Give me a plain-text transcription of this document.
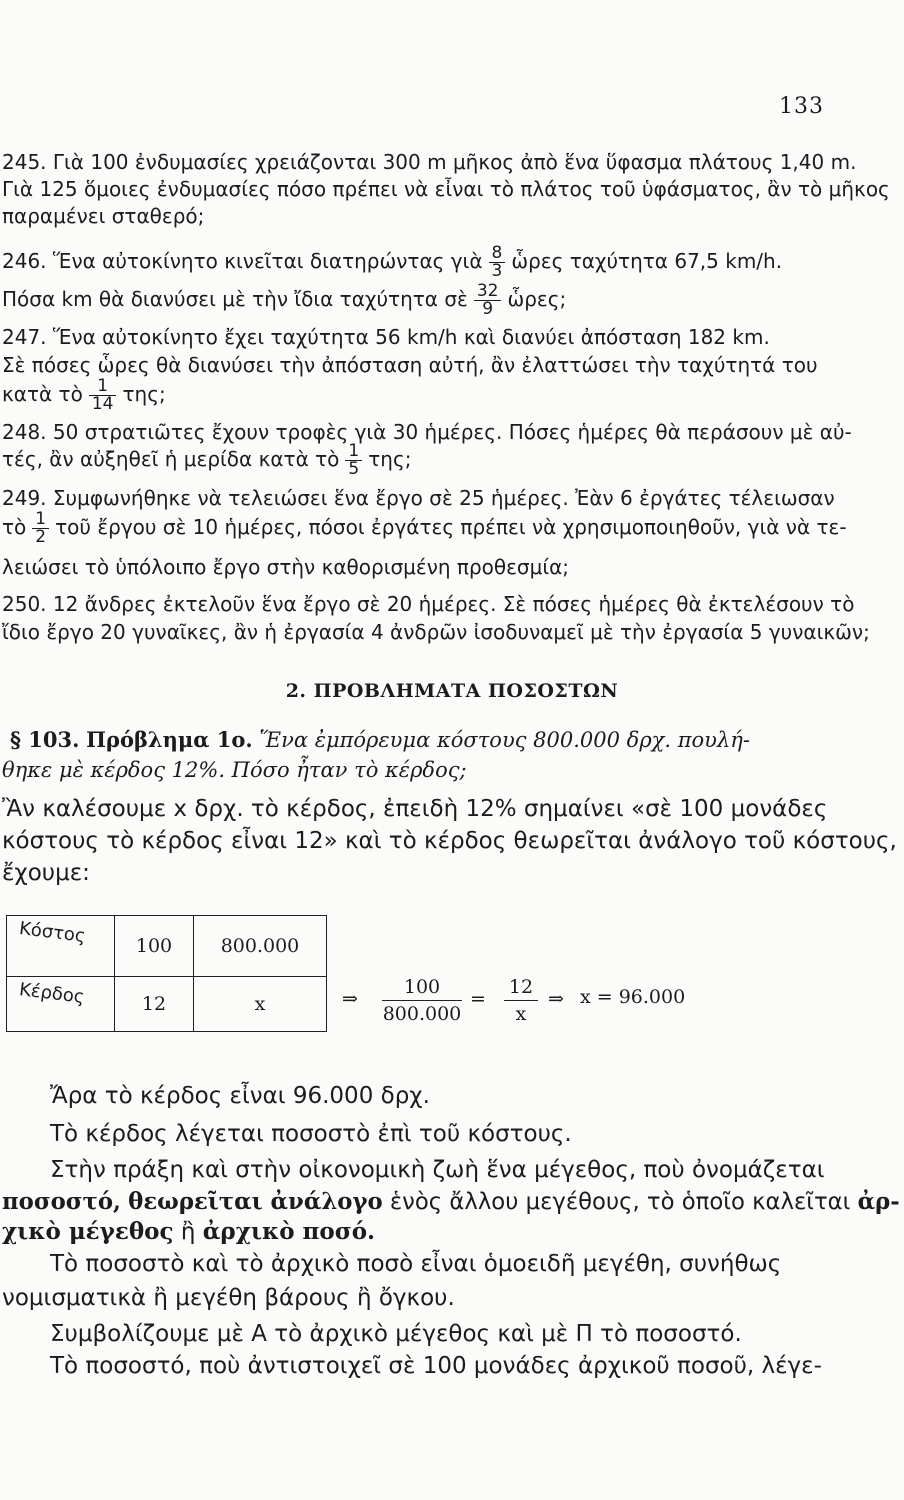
133
245. Γιὰ 100 ἐνδυμασίες χρειάζονται 300 m μῆκος ἀπὸ ἕνα ὕφασμα πλάτους 1,40 m.
Γιὰ 125 ὅμοιες ἐνδυμασίες πόσο πρέπει νὰ εἶναι τὸ πλάτος τοῦ ὑφάσματος, ἂν τὸ μῆκος
παραμένει σταθερό;
246. Ἕνα αὐτοκίνητο κινεῖται διατηρώντας γιὰ $\frac{8}{3}$ ὧρες ταχύτητα 67,5 km/h.
Πόσα km θὰ διανύσει μὲ τὴν ἴδια ταχύτητα σὲ $\frac{32}{9}$ ὧρες;
247. Ἕνα αὐτοκίνητο ἔχει ταχύτητα 56 km/h καὶ διανύει ἀπόσταση 182 km.
Σὲ πόσες ὧρες θὰ διανύσει τὴν ἀπόσταση αὐτή, ἂν ἐλαττώσει τὴν ταχύτητά του
κατὰ τὸ $\frac{1}{14} \tau\eta\varsigma$;
248. 50 στρατιῶτες ἔχουν τροφὲς γιὰ 30 ἡμέρες. Πόσες ἡμέρες θὰ περάσουν μὲ αὐ-
τές, ἂν αὐξηθεῖ ἡ μερίδα κατὰ τὸ $\frac{1}{5} \tau\eta\varsigma$;
249. Συμφωνήθηκε νὰ τελειώσει ἕνα ἔργο σὲ 25 ἡμέρες. Ἐὰν 6 ἐργάτες τέλειωσαν
τὸ $\frac{1}{2}$ τοῦ ἔργου σὲ 10 ἡμέρες, πόσοι ἐργάτες πρέπει νὰ χρησιμοποιηθοῦν, γιὰ νὰ τε-
λειώσει τὸ ὑπόλοιπο ἔργο στὴν καθορισμένη προθεσμία;
250. 12 ἄνδρες ἐκτελοῦν ἕνα ἔργο σὲ 20 ἡμέρες. Σὲ πόσες ἡμέρες θὰ ἐκτελέσουν τὸ
ἴδιο ἔργο 20 γυναῖκες, ἂν ἡ ἐργασία 4 ἀνδρῶν ἰσοδυναμεῖ μὲ τὴν ἐργασία 5 γυναικῶν;
2. ΠΡΟΒΛΗΜΑΤΑ ΠΟΣΟΣΤΩΝ
§ 103. Πρόβλημα 1ο. Ἕνα ἐμπόρευμα κόστους 800.000 δρχ. πουλή-
θηκε μὲ κέρδος 12%. Πόσο ἦταν τὸ κέρδος;
Ἂν καλέσουμε x δρχ. τὸ κέρδος, ἐπειδὴ 12% σημαίνει «σὲ 100 μονάδες
κόστους τὸ κέρδος εἶναι 12» καὶ τὸ κέρδος θεωρεῖται ἀνάλογο τοῦ κόστους,
ἔχουμε:
Κόστος	100	800.000

Κέρδος	12	x	⇒ $\frac{100}{800.000} = \frac{12}{x}$ ⇒ x = 96.000
Ἄρα τὸ κέρδος εἶναι 96.000 δρχ.
Τὸ κέρδος λέγεται ποσοστὸ ἐπὶ τοῦ κόστους.
Στὴν πράξη καὶ στὴν οἰκονομικὴ ζωὴ ἕνα μέγεθος, ποὺ ὀνομάζεται
ποσοστό, θεωρεῖται ἀνάλογο ἑνὸς ἄλλου μεγέθους, τὸ ὁποῖο καλεῖται ἀρ-
χικὸ μέγεθος ἢ ἀρχικὸ ποσό.
Τὸ ποσοστὸ καὶ τὸ ἀρχικὸ ποσὸ εἶναι ὁμοειδῆ μεγέθη, συνήθως
νομισματικὰ ἢ μεγέθη βάρους ἢ ὄγκου.
Συμβολίζουμε μὲ Α τὸ ἀρχικὸ μέγεθος καὶ μὲ Π τὸ ποσοστό.
Τὸ ποσοστό, ποὺ ἀντιστοιχεῖ σὲ 100 μονάδες ἀρχικοῦ ποσοῦ, λέγε-
